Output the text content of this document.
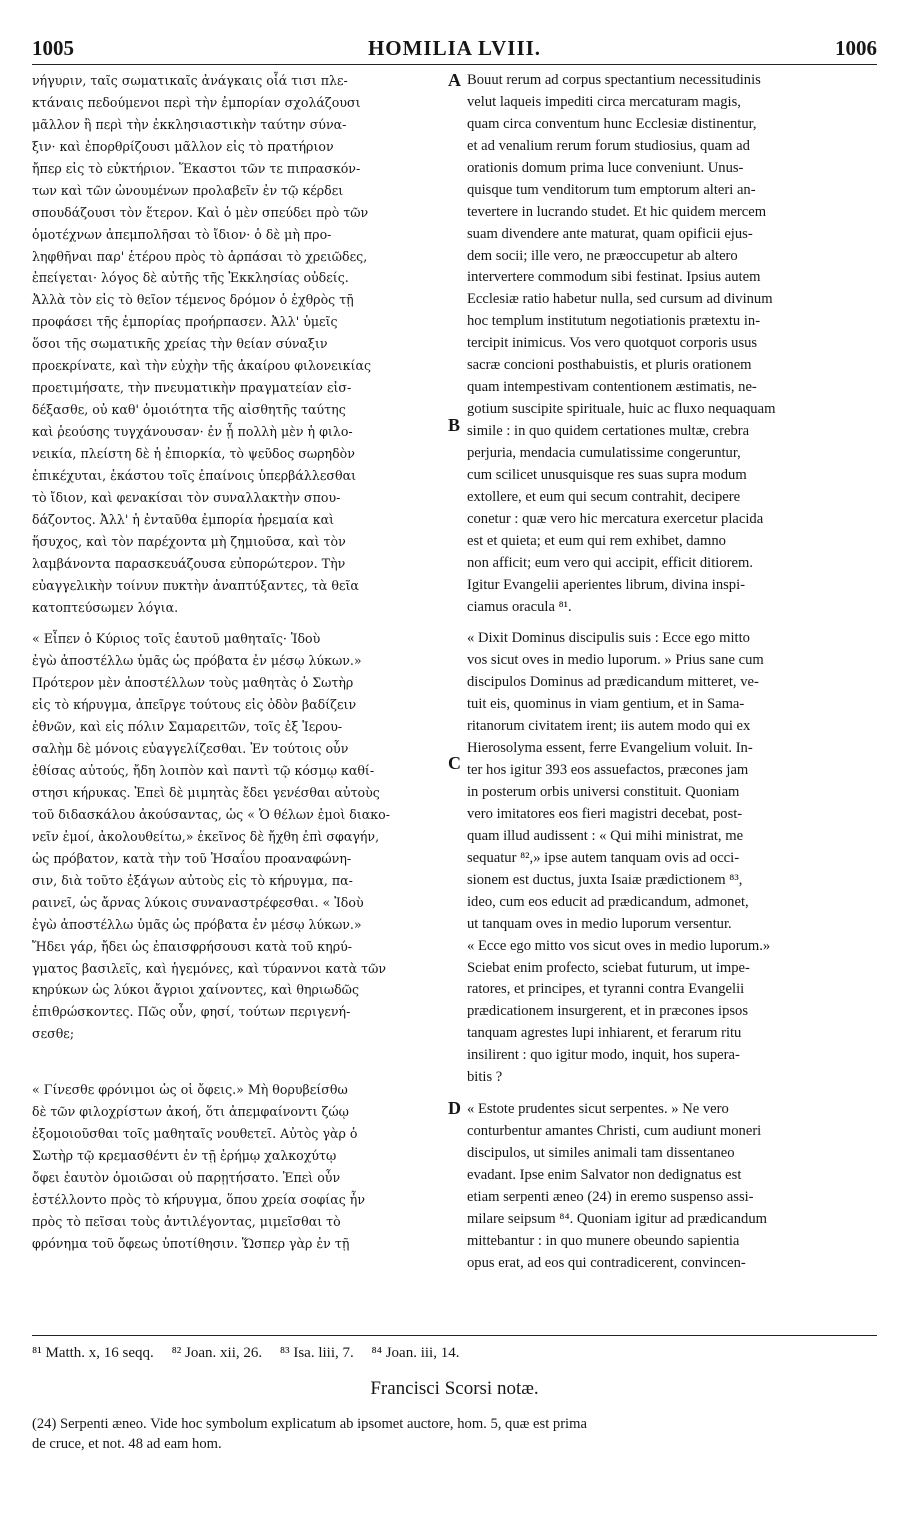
1005	HOMILIA LVIII.	1006
νήγυριν, ταῖς σωματικαῖς ἀνάγκαις οἷά τισι πλε-
κτάναις πεδούμενοι περὶ τὴν ἐμπορίαν σχολάζουσι
μᾶλλον ἢ περὶ τὴν ἐκκλησιαστικὴν ταύτην σύνα-
ξιν· καὶ ἐπορθρίζουσι μᾶλλον εἰς τὸ πρατήριον
ἤπερ εἰς τὸ εὐκτήριον. Ἕκαστοι τῶν τε πιπρασκόν-
των καὶ τῶν ὠνουμένων προλαβεῖν ἐν τῷ κέρδει
σπουδάζουσι τὸν ἕτερον. Καὶ ὁ μὲν σπεύδει πρὸ τῶν
ὁμοτέχνων ἀπεμπολῆσαι τὸ ἴδιον· ὁ δὲ μὴ προ-
ληφθῆναι παρ' ἑτέρου πρὸς τὸ ἁρπάσαι τὸ χρειῶδες,
ἐπείγεται· λόγος δὲ αὐτῆς τῆς Ἐκκλησίας οὐδείς.
Ἀλλὰ τὸν εἰς τὸ θεῖον τέμενος δρόμον ὁ ἐχθρὸς τῇ
προφάσει τῆς ἐμπορίας προήρπασεν. Ἀλλ' ὑμεῖς
ὅσοι τῆς σωματικῆς χρείας τὴν θείαν σύναξιν
προεκρίνατε, καὶ τὴν εὐχὴν τῆς ἀκαίρου φιλονεικίας
προετιμήσατε, τὴν πνευματικὴν πραγματείαν εἰσ-
δέξασθε, οὐ καθ' ὁμοιότητα τῆς αἰσθητῆς ταύτης
καὶ ῥεούσης τυγχάνουσαν· ἐν ᾗ πολλὴ μὲν ἡ φιλο-
νεικία, πλείστη δὲ ἡ ἐπιορκία, τὸ ψεῦδος σωρηδὸν
ἐπικέχυται, ἑκάστου τοῖς ἐπαίνοις ὑπερβάλλεσθαι
τὸ ἴδιον, καὶ φενακίσαι τὸν συναλλακτὴν σπου-
δάζοντος. Ἀλλ' ἡ ἐνταῦθα ἐμπορία ἠρεμαία καὶ
ἥσυχος, καὶ τὸν παρέχοντα μὴ ζημιοῦσα, καὶ τὸν
λαμβάνοντα παρασκευάζουσα εὐπορώτερον. Τὴν
εὐαγγελικὴν τοίνυν πυκτὴν ἀναπτύξαντες, τὰ θεῖα
κατοπτεύσωμεν λόγια.
« Εἶπεν ὁ Κύριος τοῖς ἑαυτοῦ μαθηταῖς· Ἰδοὺ
ἐγὼ ἀποστέλλω ὑμᾶς ὡς πρόβατα ἐν μέσῳ λύκων.»
Πρότερον μὲν ἀποστέλλων τοὺς μαθητὰς ὁ Σωτὴρ
εἰς τὸ κήρυγμα, ἀπεῖργε τούτους εἰς ὁδὸν βαδίζειν
ἐθνῶν, καὶ εἰς πόλιν Σαμαρειτῶν, τοῖς ἐξ Ἱερου-
σαλὴμ δὲ μόνοις εὐαγγελίζεσθαι. Ἐν τούτοις οὖν
ἐθίσας αὐτούς, ἤδη λοιπὸν καὶ παντὶ τῷ κόσμῳ καθί-
στησι κήρυκας. Ἐπεὶ δὲ μιμητὰς ἔδει γενέσθαι αὐτοὺς
τοῦ διδασκάλου ἀκούσαντας, ὡς « Ὁ θέλων ἐμοὶ διακο-
νεῖν ἐμοί, ἀκολουθείτω,» ἐκεῖνος δὲ ἤχθη ἐπὶ σφαγήν,
ὡς πρόβατον, κατὰ τὴν τοῦ Ἠσαΐου προαναφώνη-
σιν, διὰ τοῦτο ἐξάγων αὐτοὺς εἰς τὸ κήρυγμα, πα-
ραινεῖ, ὡς ἄρνας λύκοις συναναστρέφεσθαι. « Ἰδοὺ
ἐγὼ ἀποστέλλω ὑμᾶς ὡς πρόβατα ἐν μέσῳ λύκων.»
Ἤδει γάρ, ἤδει ὡς ἐπαισφρήσουσι κατὰ τοῦ κηρύ-
γματος βασιλεῖς, καὶ ἡγεμόνες, καὶ τύραννοι κατὰ τῶν
κηρύκων ὡς λύκοι ἄγριοι χαίνοντες, καὶ θηριωδῶς
ἐπιθρώσκοντες. Πῶς οὖν, φησί, τούτων περιγενή-
σεσθε;
« Γίνεσθε φρόνιμοι ὡς οἱ ὄφεις.» Μὴ θορυβείσθω
δὲ τῶν φιλοχρίστων ἀκοή, ὅτι ἀπεμφαίνοντι ζώῳ
ἐξομοιοῦσθαι τοῖς μαθηταῖς νουθετεῖ. Αὐτὸς γὰρ ὁ
Σωτὴρ τῷ κρεμασθέντι ἐν τῇ ἐρήμῳ χαλκοχύτῳ
ὄφει ἑαυτὸν ὁμοιῶσαι οὐ παρῃτήσατο. Ἐπεὶ οὖν
ἐστέλλοντο πρὸς τὸ κήρυγμα, ὅπου χρεία σοφίας ἦν
πρὸς τὸ πεῖσαι τοὺς ἀντιλέγοντας, μιμεῖσθαι τὸ
φρόνημα τοῦ ὄφεως ὑποτίθησιν. Ὥσπερ γὰρ ἐν τῇ
A
B
C
D
Bouut rerum ad corpus spectantium necessitudinis
velut laqueis impediti circa mercaturam magis,
quam circa conventum hunc Ecclesiæ distinentur,
et ad venalium rerum forum studiosius, quam ad
orationis domum prima luce conveniunt. Unus-
quisque tum venditorum tum emptorum alteri an-
tevertere in lucrando studet. Et hic quidem mercem
suam divendere ante maturat, quam opificii ejus-
dem socii; ille vero, ne præoccupetur ab altero
intervertere commodum sibi festinat. Ipsius autem
Ecclesiæ ratio habetur nulla, sed cursum ad divinum
hoc templum institutum negotiationis prætextu in-
tercipit inimicus. Vos vero quotquot corporis usus
sacræ concioni posthabuistis, et pluris orationem
quam intempestivam contentionem æstimatis, ne-
gotium suscipite spirituale, huic ac fluxo nequaquam
simile : in quo quidem certationes multæ, crebra
perjuria, mendacia cumulatissime congeruntur,
cum scilicet unusquisque res suas supra modum
extollere, et eum qui secum contrahit, decipere
conetur : quæ vero hic mercatura exercetur placida
est et quieta; et eum qui rem exhibet, damno
non afficit; eum vero qui accipit, efficit ditiorem.
Igitur Evangelii aperientes librum, divina inspi-
ciamus oracula ⁸¹.
« Dixit Dominus discipulis suis : Ecce ego mitto
vos sicut oves in medio luporum. » Prius sane cum
discipulos Dominus ad prædicandum mitteret, ve-
tuit eis, quominus in viam gentium, et in Sama-
ritanorum civitatem irent; iis autem modo qui ex
Hierosolyma essent, ferre Evangelium voluit. In-
ter hos igitur 393 eos assuefactos, præcones jam
in posterum orbis universi constituit. Quoniam
vero imitatores eos fieri magistri decebat, post-
quam illud audissent : « Qui mihi ministrat, me
sequatur ⁸²,» ipse autem tanquam ovis ad occi-
sionem est ductus, juxta Isaiæ prædictionem ⁸³,
ideo, cum eos educit ad prædicandum, admonet,
ut tanquam oves in medio luporum versentur.
« Ecce ego mitto vos sicut oves in medio luporum.»
Sciebat enim profecto, sciebat futurum, ut impe-
ratores, et principes, et tyranni contra Evangelii
prædicationem insurgerent, et in præcones ipsos
tanquam agrestes lupi inhiarent, et ferarum ritu
insilirent : quo igitur modo, inquit, hos supera-
bitis ?
« Estote prudentes sicut serpentes. » Ne vero
conturbentur amantes Christi, cum audiunt moneri
discipulos, ut similes animali tam dissentaneo
evadant. Ipse enim Salvator non dedignatus est
etiam serpenti æneo (24) in eremo suspenso assi-
milare seipsum ⁸⁴. Quoniam igitur ad prædicandum
mittebantur : in quo munere obeundo sapientia
opus erat, ad eos qui contradicerent, convincen-
⁸¹ Matth. x, 16 seqq. ⁸² Joan. xii, 26. ⁸³ Isa. liii, 7. ⁸⁴ Joan. iii, 14.
Francisci Scorsi notæ.
(24) Serpenti æneo. Vide hoc symbolum explicatum ab ipsomet auctore, hom. 5, quæ est prima
de cruce, et not. 48 ad eam hom.
